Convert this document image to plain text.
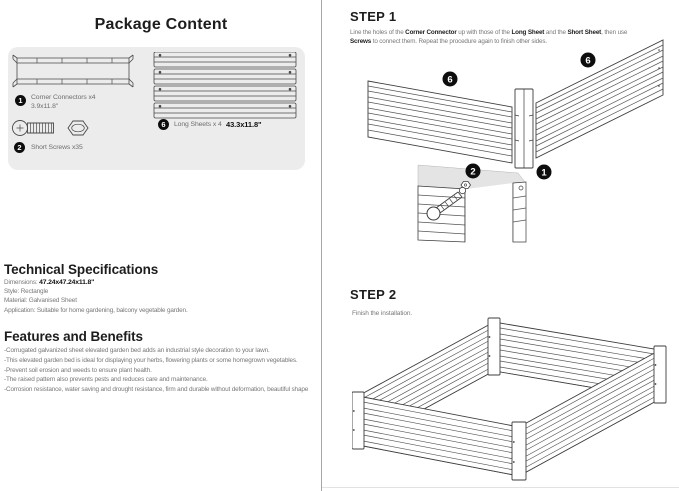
Package Content
1	Corner Connectors x4
3.9x11.8"
2	Short Screws x35
6	Long Sheets x 4 43.3x11.8"
Technical Specifications
Dimensions: 47.24x47.24x11.8"
Style: Rectangle
Material: Galvanised Sheet
Application: Suitable for home gardening, balcony vegetable garden.
Features and Benefits
-Corrugated galvanized sheet elevated garden bed adds an industrial style decoration to your lawn.
-This elevated garden bed is ideal for displaying your herbs, flowering plants or some homegrown vegetables.
-Prevent soil erosion and weeds to ensure plant health.
-The raised pattern also prevents pests and reduces care and maintenance.
-Corrosion resistance, water saving and drought resistance, firm and durable without deformation, beautiful shape
STEP 1
Line the holes of the Corner Connector up with those of the Long Sheet and the Short Sheet, then use Screws to connect them. Repeat the procedure again to finish other sides.
6
6
1
2
STEP 2
Finish the installation.
